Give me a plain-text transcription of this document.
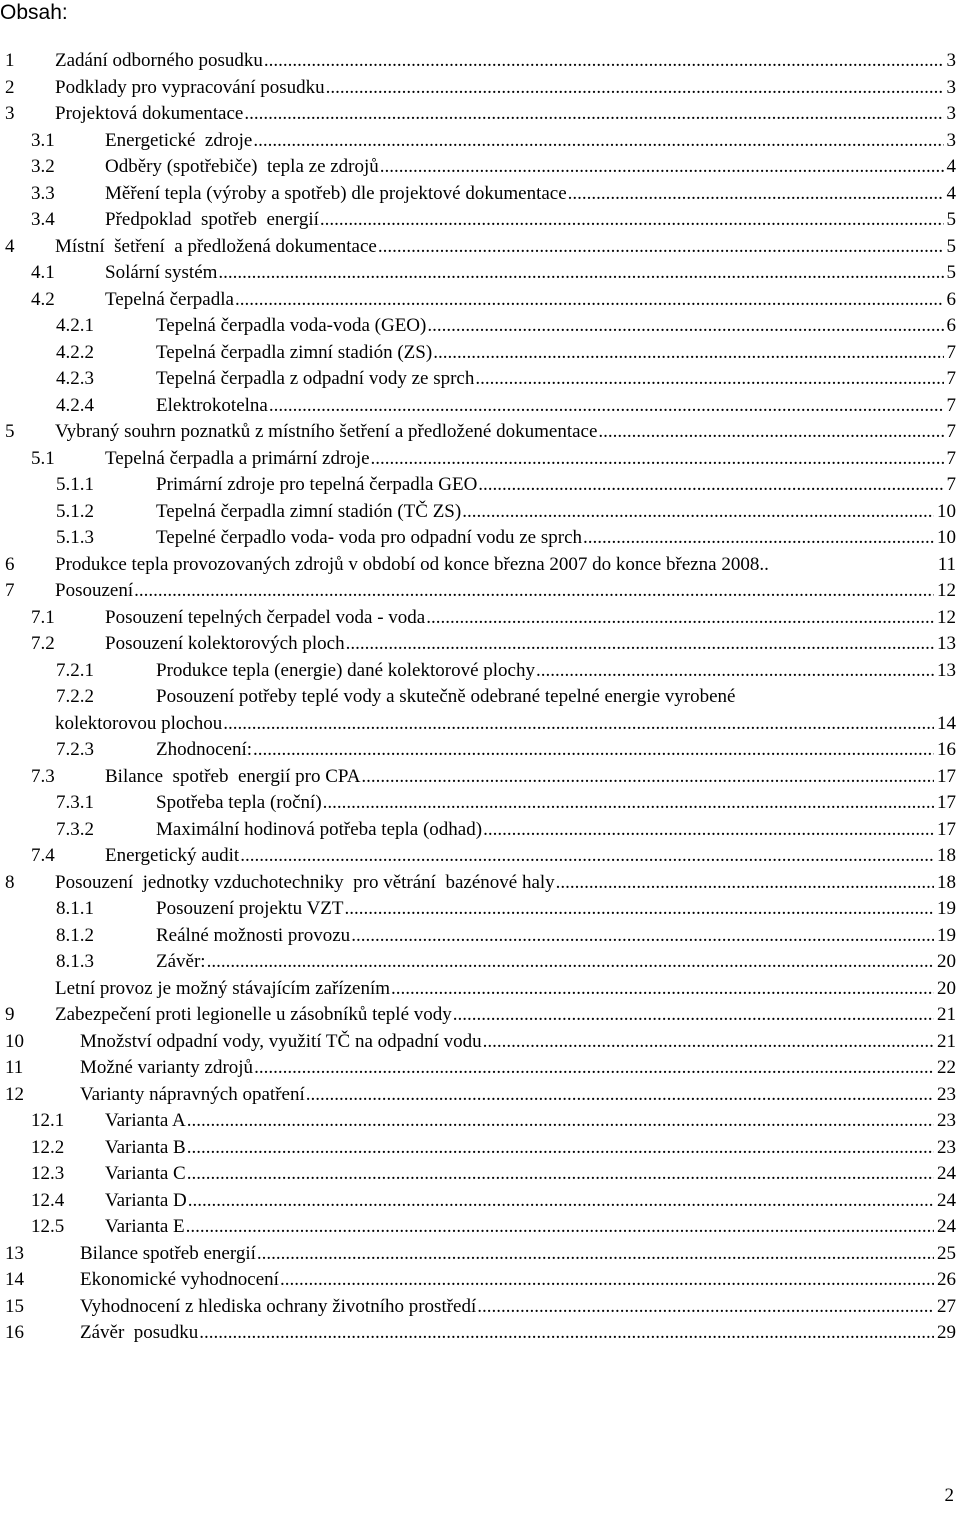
Obsah:
1 Zadání odborného posudku .....	3
2 Podklady pro vypracování posudku .....	3
3 Projektová dokumentace .....	3
3.1	Energetické  zdroje .....	3
3.2	Odběry (spotřebiče)  tepla ze zdrojů .....	4
3.3	Měření tepla (výroby a spotřeb) dle projektové dokumentace .....	4
3.4	Předpoklad  spotřeb  energií .....	5
4 Místní  šetření  a předložená dokumentace .....	5
4.1	Solární systém .....	5
4.2	Tepelná čerpadla .....	6
4.2.1	Tepelná čerpadla voda-voda (GEO) .....	6
4.2.2	Tepelná čerpadla zimní stadión (ZS) .....	7
4.2.3	Tepelná čerpadla z odpadní vody ze sprch .....	7
4.2.4	Elektrokotelna .....	7
5 Vybraný souhrn poznatků z místního šetření a předložené dokumentace .....	7
5.1	Tepelná čerpadla a primární zdroje .....	7
5.1.1	Primární zdroje pro tepelná čerpadla GEO .....	7
5.1.2	Tepelná čerpadla zimní stadión (TČ ZS) .....	10
5.1.3	Tepelné čerpadlo voda- voda pro odpadní vodu ze sprch .....	10
6 Produkce tepla provozovaných zdrojů v období od konce března 2007 do konce března 2008..	11
7 Posouzení .....	12
7.1	Posouzení tepelných čerpadel voda - voda .....	12
7.2	Posouzení kolektorových ploch .....	13
7.2.1	Produkce tepla (energie) dané kolektorové plochy .....	13
7.2.2	Posouzení potřeby teplé vody a skutečně odebrané tepelné energie vyrobené
kolektorovou plochou .....	14
7.2.3	Zhodnocení: .....	16
7.3	Bilance  spotřeb  energií pro CPA .....	17
7.3.1	Spotřeba tepla (roční) .....	17
7.3.2	Maximální hodinová potřeba tepla (odhad) .....	17
7.4	Energetický audit .....	18
8 Posouzení  jednotky vzduchotechniky  pro větrání  bazénové haly .....	18
8.1.1	Posouzení projektu VZT .....	19
8.1.2	Reálné možnosti provozu .....	19
8.1.3	Závěr: .....	20
Letní provoz je možný stávajícím zařízením .....	20
9 Zabezpečení proti legionelle u zásobníků teplé vody .....	21
10	Množství odpadní vody, využití TČ na odpadní vodu .....	21
11	Možné varianty zdrojů .....	22
12	Varianty nápravných opatření .....	23
12.1 Varianta A .....	23
12.2 Varianta B .....	23
12.3 Varianta C .....	24
12.4 Varianta D .....	24
12.5 Varianta E .....	24
13	Bilance spotřeb energií .....	25
14	Ekonomické vyhodnocení .....	26
15	Vyhodnocení z hlediska ochrany životního prostředí .....	27
16	Závěr  posudku .....	29
2
